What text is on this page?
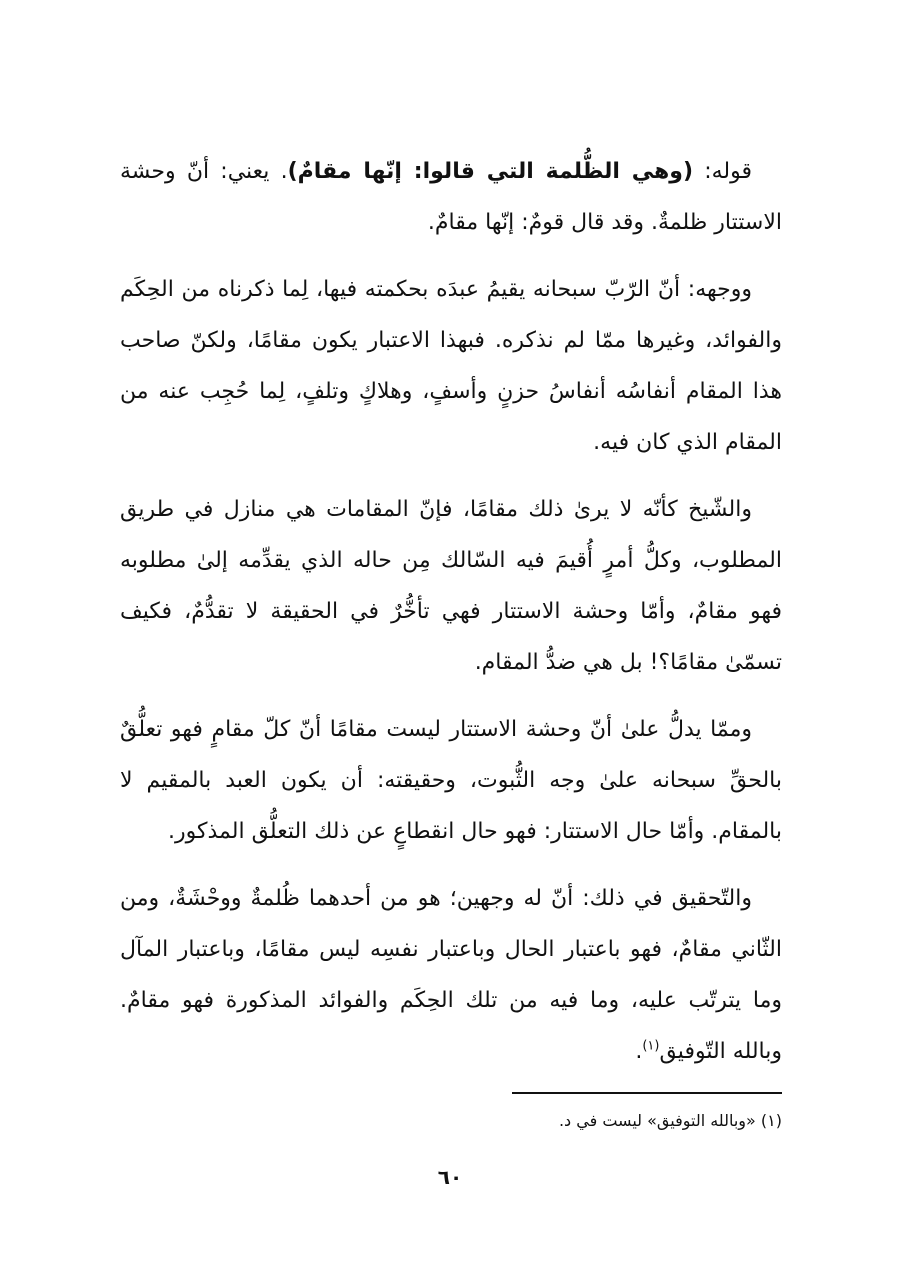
قوله: (وهي الظُّلمة التي قالوا: إنّها مقامٌ). يعني: أنّ وحشة الاستتار ظلمةٌ. وقد قال قومٌ: إنّها مقامٌ.

ووجهه: أنّ الرّبّ سبحانه يقيمُ عبدَه بحكمته فيها، لِما ذكرناه من الحِكَم والفوائد، وغيرها ممّا لم نذكره. فبهذا الاعتبار يكون مقامًا، ولكنّ صاحب هذا المقام أنفاسُه أنفاسُ حزنٍ وأسفٍ، وهلاكٍ وتلفٍ، لِما حُجِب عنه من المقام الذي كان فيه.

والشّيخ كأنّه لا يرىٰ ذلك مقامًا، فإنّ المقامات هي منازل في طريق المطلوب، وكلُّ أمرٍ أُقيمَ فيه السّالك مِن حاله الذي يقدِّمه إلىٰ مطلوبه فهو مقامٌ، وأمّا وحشة الاستتار فهي تأخُّرٌ في الحقيقة لا تقدُّمٌ، فكيف تسمّىٰ مقامًا؟! بل هي ضدُّ المقام.

وممّا يدلُّ علىٰ أنّ وحشة الاستتار ليست مقامًا أنّ كلّ مقامٍ فهو تعلُّقٌ بالحقِّ سبحانه علىٰ وجه الثُّبوت، وحقيقته: أن يكون العبد بالمقيم لا بالمقام. وأمّا حال الاستتار: فهو حال انقطاعٍ عن ذلك التعلُّق المذكور.

والتّحقيق في ذلك: أنّ له وجهين؛ هو من أحدهما ظُلمةٌ ووحْشَةٌ، ومن الثّاني مقامٌ، فهو باعتبار الحال وباعتبار نفسِه ليس مقامًا، وباعتبار المآل وما يترتّب عليه، وما فيه من تلك الحِكَم والفوائد المذكورة فهو مقامٌ. وبالله التّوفيق$^{(١)}$.

(١) «وبالله التوفيق» ليست في د.
٦٠
